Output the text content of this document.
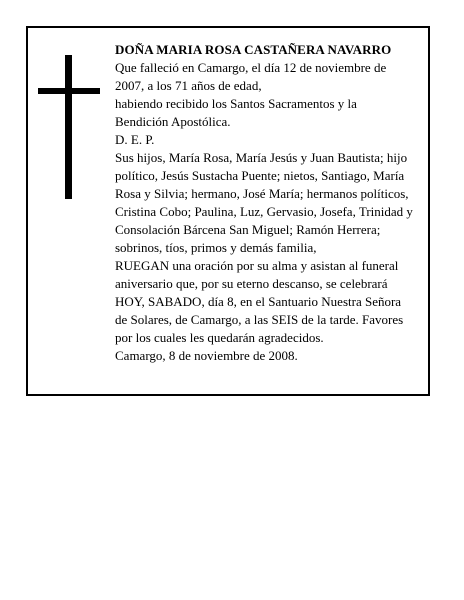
DOÑA MARIA ROSA CASTAÑERA NAVARRO

Que falleció en Camargo, el día 12 de noviembre de 2007, a los 71 años de edad,

habiendo recibido los Santos Sacramentos y la Bendición Apostólica.

D. E. P.

Sus hijos, María Rosa, María Jesús y Juan Bautista; hijo político, Jesús Sustacha Puente; nietos, Santiago, María Rosa y Silvia; hermano, José María; hermanos políticos, Cristina Cobo; Paulina, Luz, Gervasio, Josefa, Trinidad y Consolación Bárcena San Miguel; Ramón Herrera; sobrinos, tíos, primos y demás familia,

RUEGAN una oración por su alma y asistan al funeral aniversario que, por su eterno descanso, se celebrará HOY, SABADO, día 8, en el Santuario Nuestra Señora de Solares, de Camargo, a las SEIS de la tarde. Favores por los cuales les quedarán agradecidos.

Camargo, 8 de noviembre de 2008.
